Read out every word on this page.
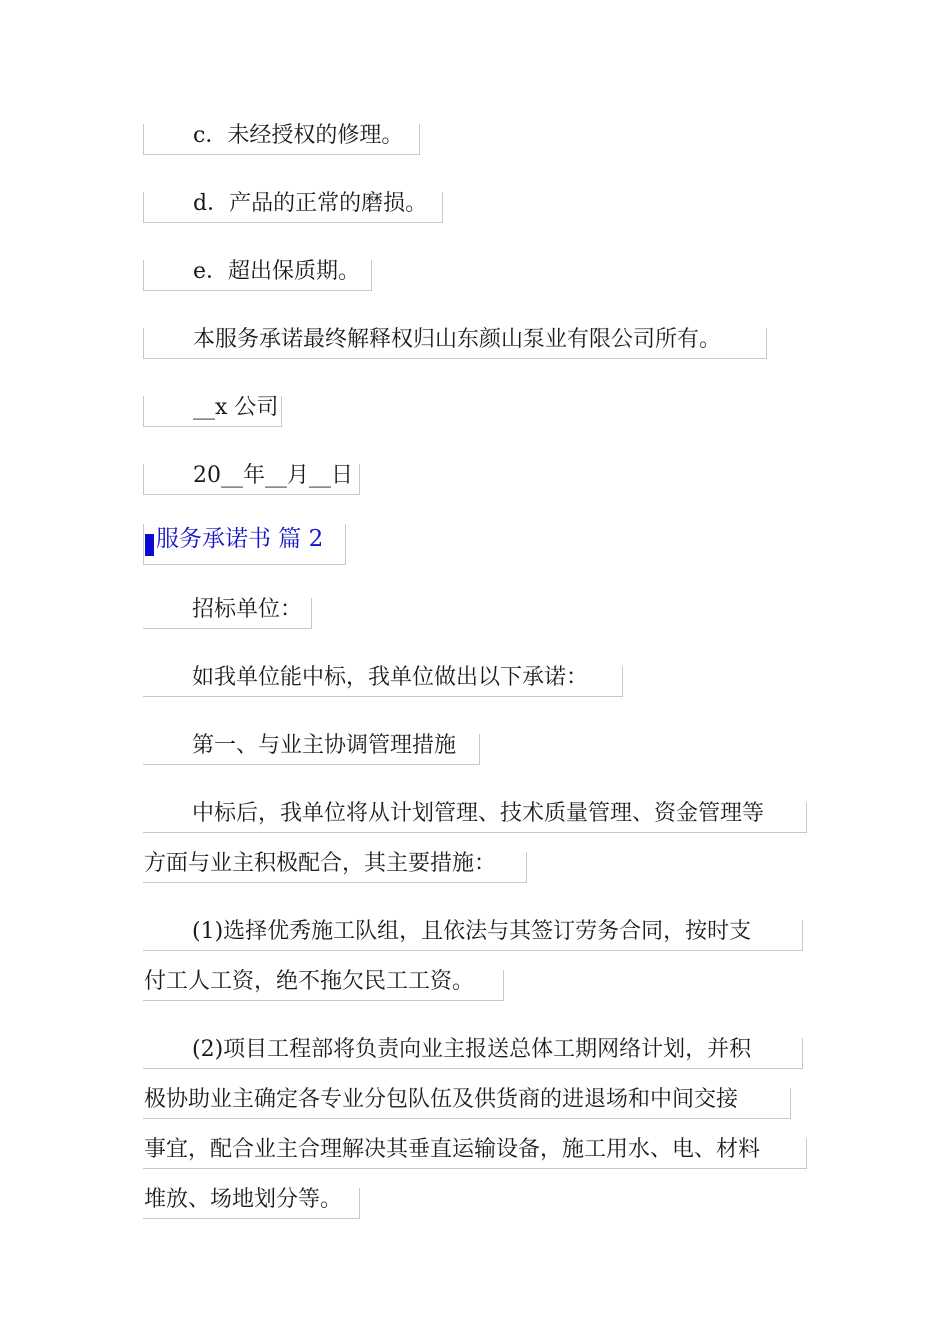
c．未经授权的修理。
d．产品的正常的磨损。
e．超出保质期。
本服务承诺最终解释权归山东颜山泵业有限公司所有。
__x 公司
20__年__月__日
服务承诺书 篇 2
招标单位：
如我单位能中标，我单位做出以下承诺：
第一、与业主协调管理措施
中标后，我单位将从计划管理、技术质量管理、资金管理等
方面与业主积极配合，其主要措施：
(1)选择优秀施工队组，且依法与其签订劳务合同，按时支
付工人工资，绝不拖欠民工工资。
(2)项目工程部将负责向业主报送总体工期网络计划，并积
极协助业主确定各专业分包队伍及供货商的进退场和中间交接
事宜，配合业主合理解决其垂直运输设备，施工用水、电、材料
堆放、场地划分等。
